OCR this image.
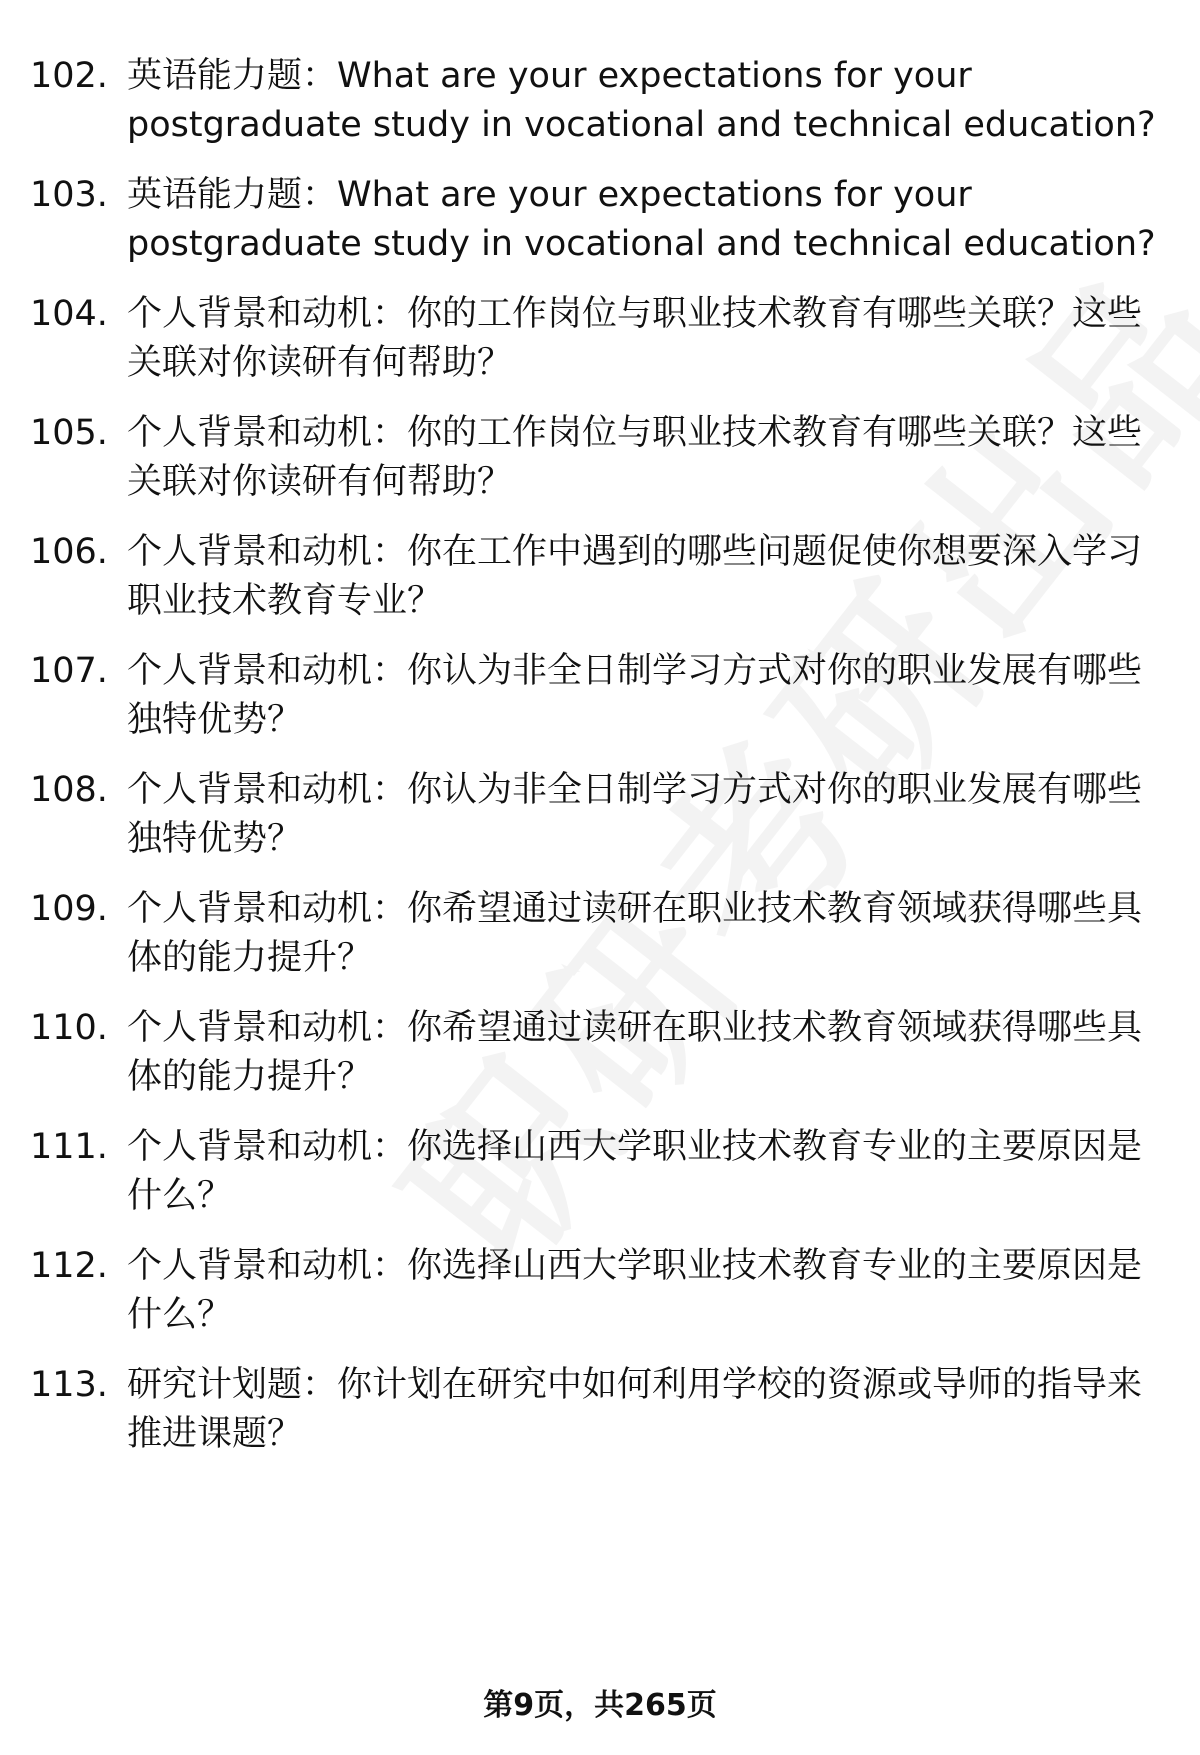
102. 英语能力题：What are your expectations for your postgraduate study in vocational and technical education?
103. 英语能力题：What are your expectations for your postgraduate study in vocational and technical education?
104. 个人背景和动机：你的工作岗位与职业技术教育有哪些关联？这些关联对你读研有何帮助？
105. 个人背景和动机：你的工作岗位与职业技术教育有哪些关联？这些关联对你读研有何帮助？
106. 个人背景和动机：你在工作中遇到的哪些问题促使你想要深入学习职业技术教育专业？
107. 个人背景和动机：你认为非全日制学习方式对你的职业发展有哪些独特优势？
108. 个人背景和动机：你认为非全日制学习方式对你的职业发展有哪些独特优势？
109. 个人背景和动机：你希望通过读研在职业技术教育领域获得哪些具体的能力提升？
110. 个人背景和动机：你希望通过读研在职业技术教育领域获得哪些具体的能力提升？
111. 个人背景和动机：你选择山西大学职业技术教育专业的主要原因是什么？
112. 个人背景和动机：你选择山西大学职业技术教育专业的主要原因是什么？
113. 研究计划题：你计划在研究中如何利用学校的资源或导师的指导来推进课题？
第9页，共265页
